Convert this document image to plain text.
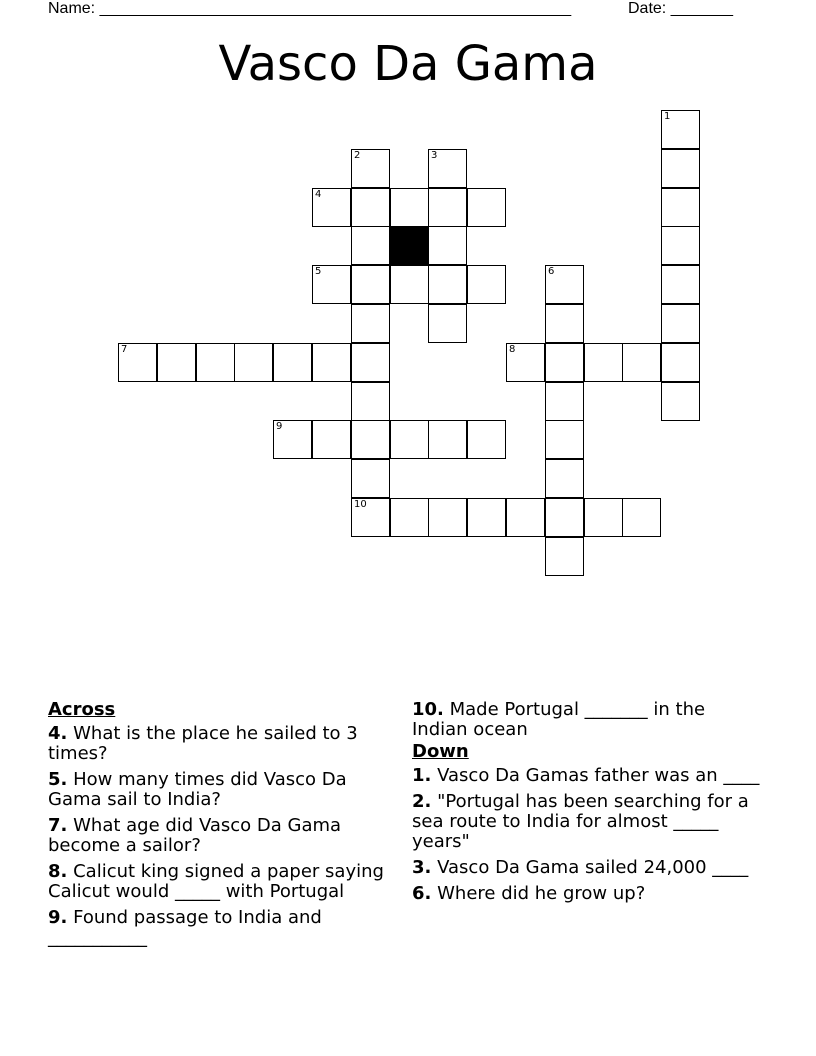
Name: _____________________________________________________	Date: _______
Vasco Da Gama
1
2	3
4
5	6
7	8
9
10
Across
4. What is the place he sailed to 3 times?
5. How many times did Vasco Da Gama sail to India?
7. What age did Vasco Da Gama become a sailor?
8. Calicut king signed a paper saying Calicut would _____ with Portugal
9. Found passage to India and ___________
10. Made Portugal _______ in the Indian ocean
Down
1. Vasco Da Gamas father was an ____
2. "Portugal has been searching for a sea route to India for almost _____ years"
3. Vasco Da Gama sailed 24,000 ____
6. Where did he grow up?
